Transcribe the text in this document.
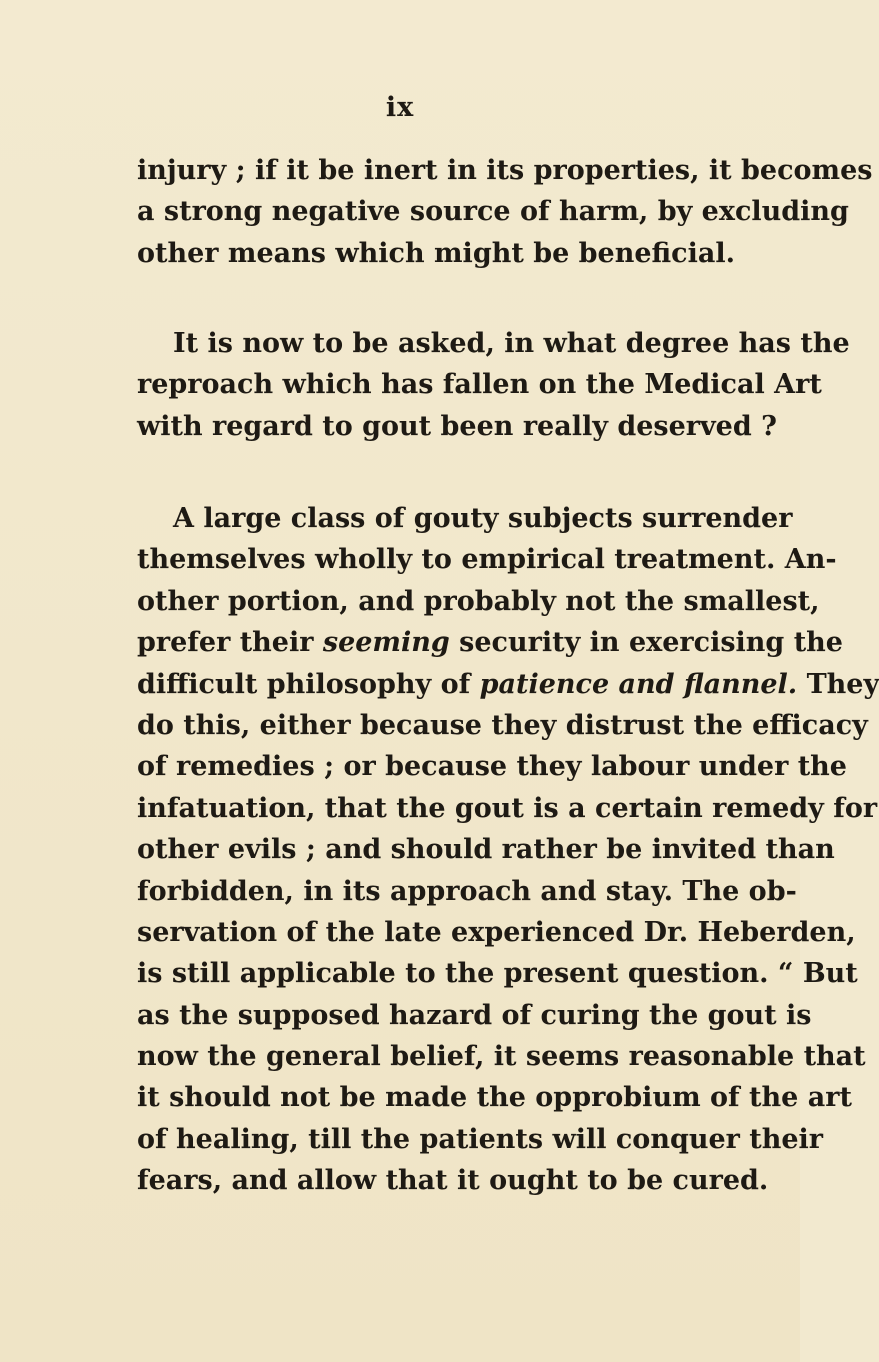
ix
injury ; if it be inert in its properties, it becomes
a strong negative source of harm, by excluding
other means which might be beneficial.
It is now to be asked, in what degree has the
reproach which has fallen on the Medical Art
with regard to gout been really deserved ?
A large class of gouty subjects surrender
themselves wholly to empirical treatment. An-
other portion, and probably not the smallest,
prefer their seeming security in exercising the
difficult philosophy of patience and flannel. They
do this, either because they distrust the efficacy
of remedies ; or because they labour under the
infatuation, that the gout is a certain remedy for
other evils ; and should rather be invited than
forbidden, in its approach and stay. The ob-
servation of the late experienced Dr. Heberden,
is still applicable to the present question. “ But
as the supposed hazard of curing the gout is
now the general belief, it seems reasonable that
it should not be made the opprobium of the art
of healing, till the patients will conquer their
fears, and allow that it ought to be cured.
